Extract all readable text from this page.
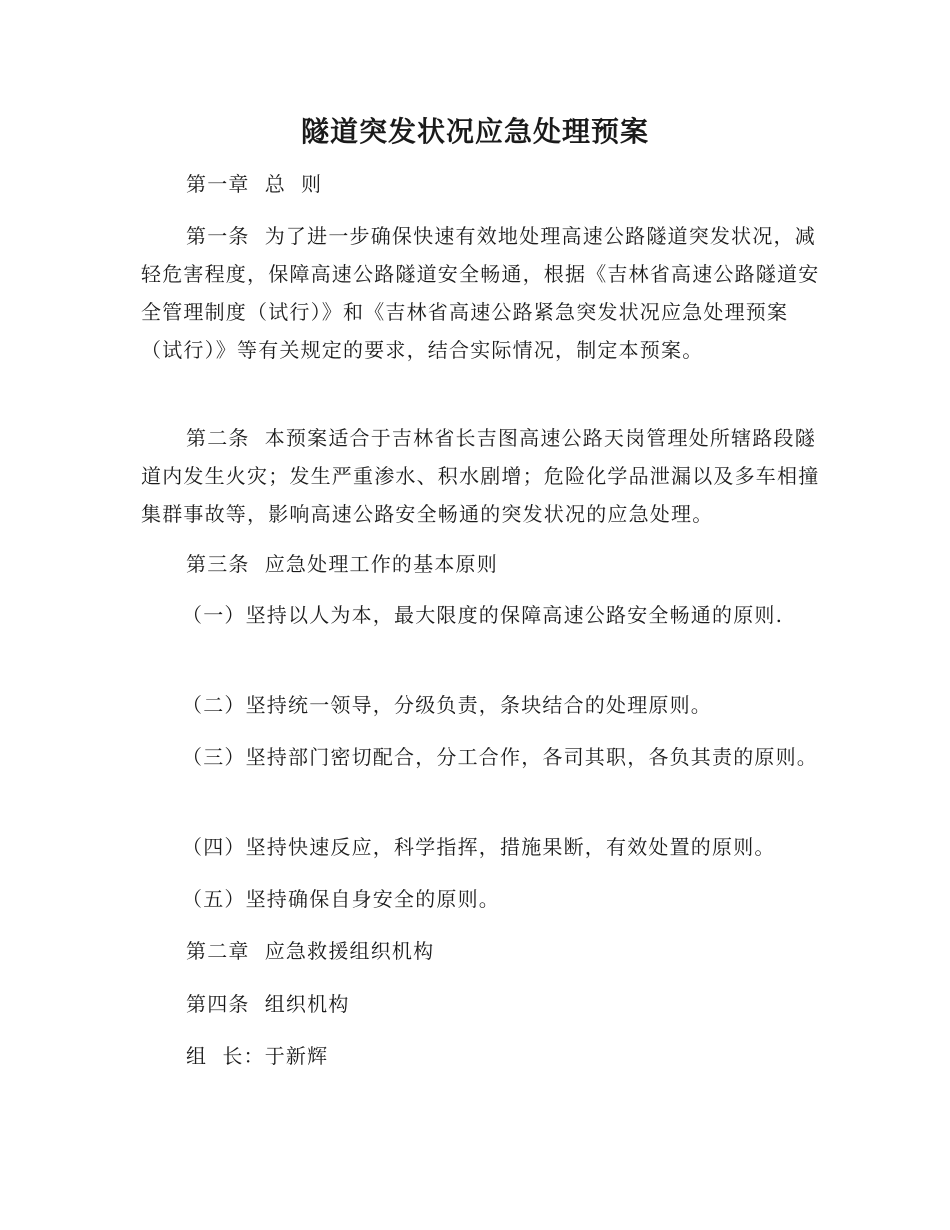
隧道突发状况应急处理预案

第一章  总  则

第一条  为了进一步确保快速有效地处理高速公路隧道突发状况，减轻危害程度，保障高速公路隧道安全畅通，根据《吉林省高速公路隧道安全管理制度（试行）》和《吉林省高速公路紧急突发状况应急处理预案（试行）》等有关规定的要求，结合实际情况，制定本预案。

第二条  本预案适合于吉林省长吉图高速公路天岗管理处所辖路段隧道内发生火灾；发生严重渗水、积水剧增；危险化学品泄漏以及多车相撞集群事故等，影响高速公路安全畅通的突发状况的应急处理。

第三条  应急处理工作的基本原则

（一）坚持以人为本，最大限度的保障高速公路安全畅通的原则.

（二）坚持统一领导，分级负责，条块结合的处理原则。

（三）坚持部门密切配合，分工合作，各司其职，各负其责的原则。

（四）坚持快速反应，科学指挥，措施果断，有效处置的原则。

（五）坚持确保自身安全的原则。

第二章  应急救援组织机构

第四条  组织机构

组  长：于新辉
